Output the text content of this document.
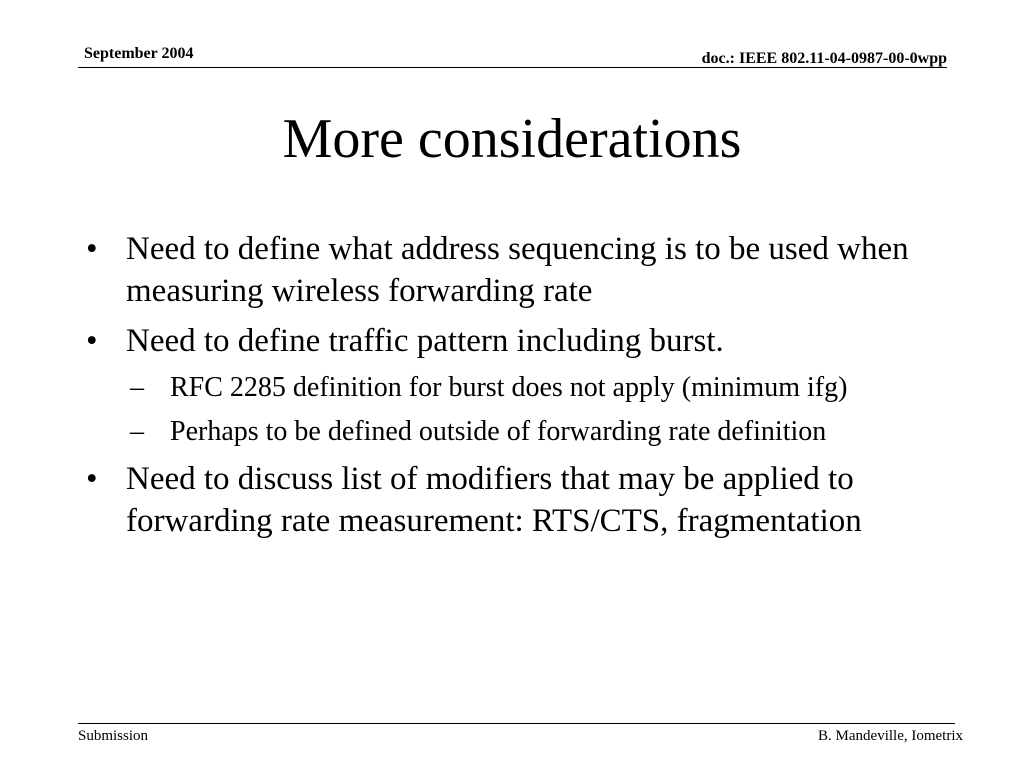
September 2004	doc.: IEEE 802.11-04-0987-00-0wpp
More considerations
• Need to define what address sequencing is to be used when measuring wireless forwarding rate
• Need to define traffic pattern including burst.
– RFC 2285 definition for burst does not apply (minimum ifg)
– Perhaps to be defined outside of forwarding rate definition
• Need to discuss list of modifiers that may be applied to forwarding rate measurement: RTS/CTS, fragmentation
Submission	B. Mandeville, Iometrix
